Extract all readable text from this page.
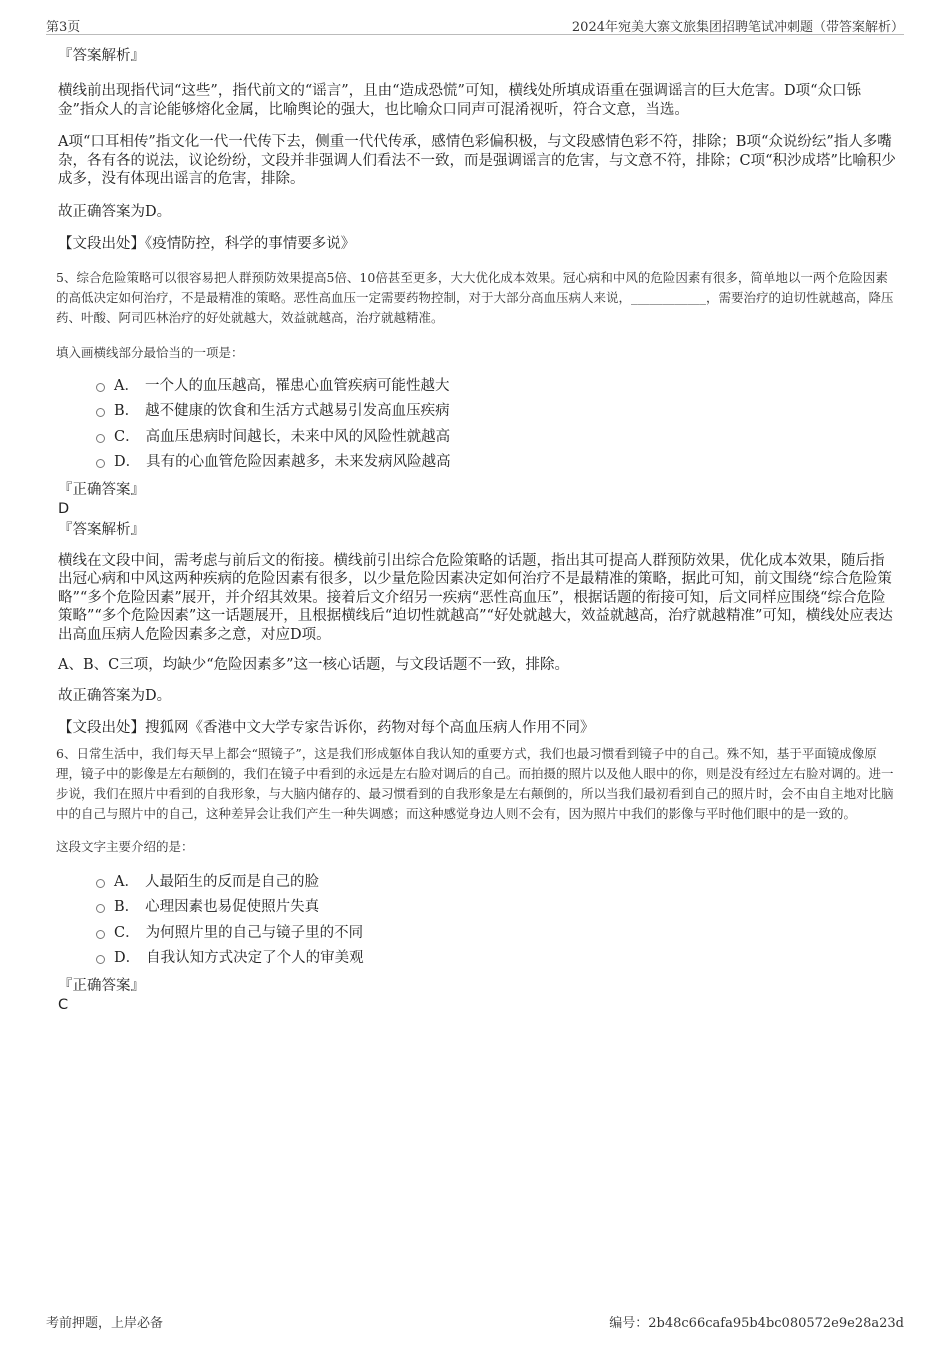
第3页	2024年宛美大寨文旅集团招聘笔试冲刺题（带答案解析）

『答案解析』

横线前出现指代词“这些”，指代前文的“谣言”，且由“造成恐慌”可知，横线处所填成语重在强调谣言的巨大危害。D项“众口铄金”指众人的言论能够熔化金属，比喻舆论的强大，也比喻众口同声可混淆视听，符合文意，当选。

A项“口耳相传”指文化一代一代传下去，侧重一代代传承，感情色彩偏积极，与文段感情色彩不符，排除；B项“众说纷纭”指人多嘴杂，各有各的说法，议论纷纷，文段并非强调人们看法不一致，而是强调谣言的危害，与文意不符，排除；C项“积沙成塔”比喻积少成多，没有体现出谣言的危害，排除。

故正确答案为D。

【文段出处】《疫情防控，科学的事情要多说》

5、综合危险策略可以很容易把人群预防效果提高5倍、10倍甚至更多，大大优化成本效果。冠心病和中风的危险因素有很多，简单地以一两个危险因素的高低决定如何治疗，不是最精准的策略。恶性高血压一定需要药物控制，对于大部分高血压病人来说，____________，需要治疗的迫切性就越高，降压药、叶酸、阿司匹林治疗的好处就越大，效益就越高，治疗就越精准。

填入画横线部分最恰当的一项是：

A． 一个人的血压越高，罹患心血管疾病可能性越大
B． 越不健康的饮食和生活方式越易引发高血压疾病
C． 高血压患病时间越长，未来中风的风险性就越高
D． 具有的心血管危险因素越多，未来发病风险越高

『正确答案』

D

『答案解析』

横线在文段中间，需考虑与前后文的衔接。横线前引出综合危险策略的话题，指出其可提高人群预防效果，优化成本效果，随后指出冠心病和中风这两种疾病的危险因素有很多，以少量危险因素决定如何治疗不是最精准的策略，据此可知，前文围绕“综合危险策略”“多个危险因素”展开，并介绍其效果。接着后文介绍另一疾病“恶性高血压”，根据话题的衔接可知，后文同样应围绕“综合危险策略”“多个危险因素”这一话题展开，且根据横线后“迫切性就越高”“好处就越大，效益就越高，治疗就越精准”可知，横线处应表达出高血压病人危险因素多之意，对应D项。

A、B、C三项，均缺少“危险因素多”这一核心话题，与文段话题不一致，排除。

故正确答案为D。

【文段出处】搜狐网《香港中文大学专家告诉你，药物对每个高血压病人作用不同》

6、日常生活中，我们每天早上都会“照镜子”，这是我们形成躯体自我认知的重要方式，我们也最习惯看到镜子中的自己。殊不知，基于平面镜成像原理，镜子中的影像是左右颠倒的，我们在镜子中看到的永远是左右脸对调后的自己。而拍摄的照片以及他人眼中的你，则是没有经过左右脸对调的。进一步说，我们在照片中看到的自我形象，与大脑内储存的、最习惯看到的自我形象是左右颠倒的，所以当我们最初看到自己的照片时，会不由自主地对比脑中的自己与照片中的自己，这种差异会让我们产生一种失调感；而这种感觉身边人则不会有，因为照片中我们的影像与平时他们眼中的是一致的。

这段文字主要介绍的是：

A． 人最陌生的反而是自己的脸
B． 心理因素也易促使照片失真
C． 为何照片里的自己与镜子里的不同
D． 自我认知方式决定了个人的审美观

『正确答案』

C

考前押题，上岸必备	编号：2b48c66cafa95b4bc080572e9e28a23d
